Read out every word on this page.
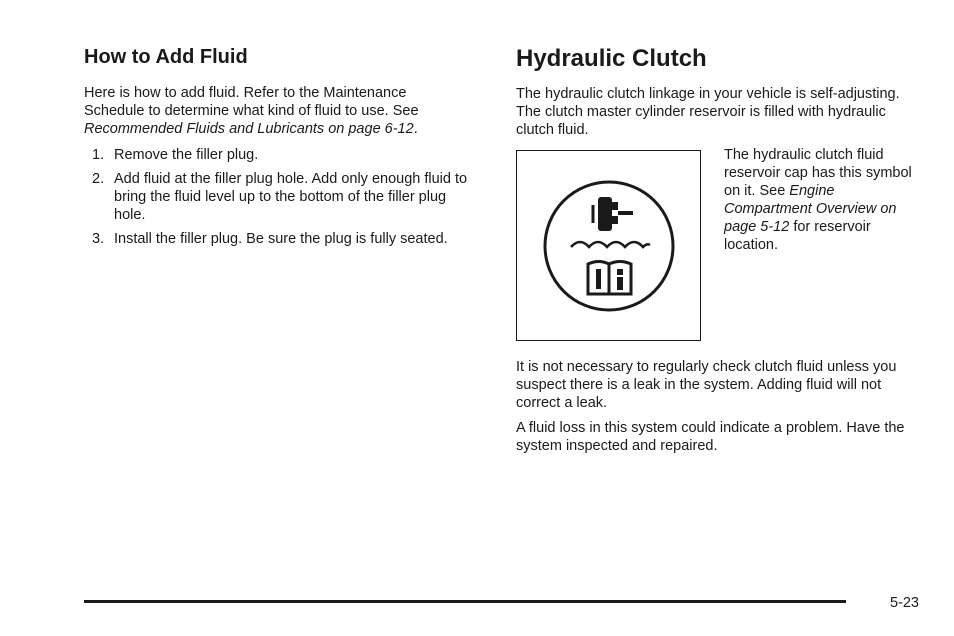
How to Add Fluid

Here is how to add fluid. Refer to the Maintenance Schedule to determine what kind of fluid to use. See Recommended Fluids and Lubricants on page 6-12.

1. Remove the filler plug.
2. Add fluid at the filler plug hole. Add only enough fluid to bring the fluid level up to the bottom of the filler plug hole.
3. Install the filler plug. Be sure the plug is fully seated.
Hydraulic Clutch

The hydraulic clutch linkage in your vehicle is self-adjusting. The clutch master cylinder reservoir is filled with hydraulic clutch fluid.

The hydraulic clutch fluid reservoir cap has this symbol on it. See Engine Compartment Overview on page 5-12 for reservoir location.

It is not necessary to regularly check clutch fluid unless you suspect there is a leak in the system. Adding fluid will not correct a leak.

A fluid loss in this system could indicate a problem. Have the system inspected and repaired.

5-23
